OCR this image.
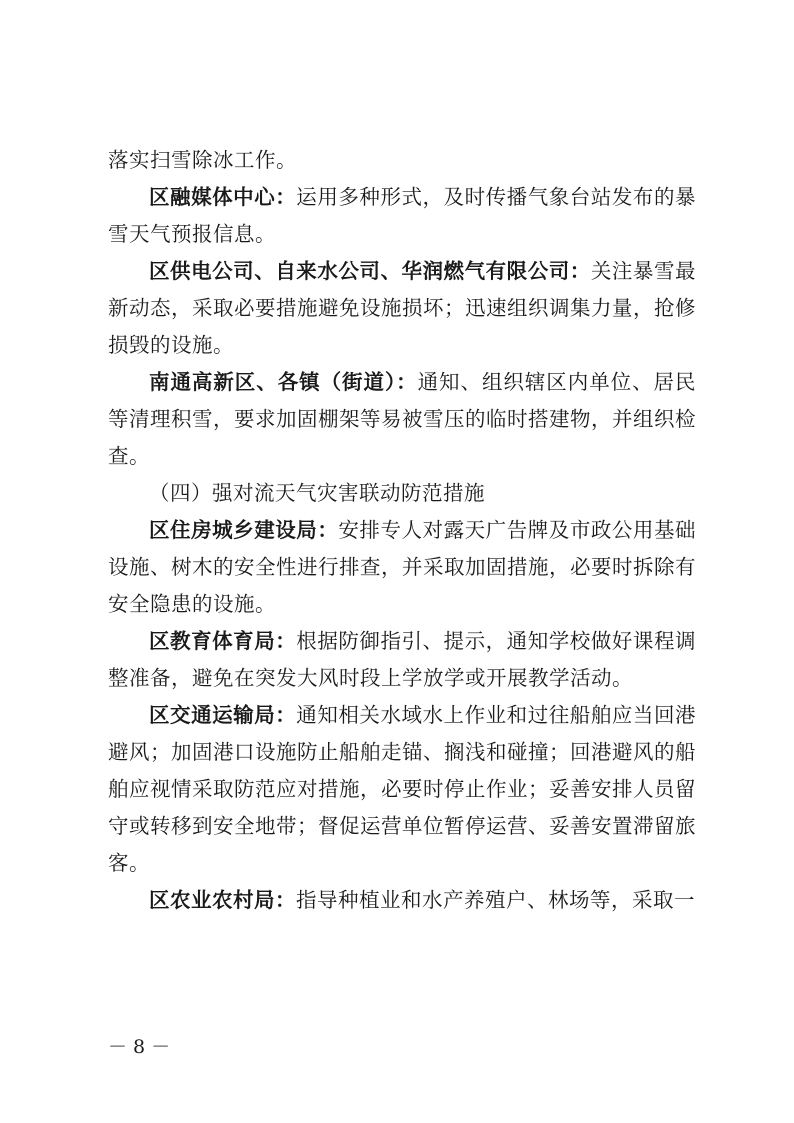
落实扫雪除冰工作。

区融媒体中心：运用多种形式，及时传播气象台站发布的暴雪天气预报信息。

区供电公司、自来水公司、华润燃气有限公司：关注暴雪最新动态，采取必要措施避免设施损坏；迅速组织调集力量，抢修损毁的设施。

南通高新区、各镇（街道）：通知、组织辖区内单位、居民等清理积雪，要求加固棚架等易被雪压的临时搭建物，并组织检查。

（四）强对流天气灾害联动防范措施

区住房城乡建设局：安排专人对露天广告牌及市政公用基础设施、树木的安全性进行排查，并采取加固措施，必要时拆除有安全隐患的设施。

区教育体育局：根据防御指引、提示，通知学校做好课程调整准备，避免在突发大风时段上学放学或开展教学活动。

区交通运输局：通知相关水域水上作业和过往船舶应当回港避风；加固港口设施防止船舶走锚、搁浅和碰撞；回港避风的船舶应视情采取防范应对措施，必要时停止作业；妥善安排人员留守或转移到安全地带；督促运营单位暂停运营、妥善安置滞留旅客。

区农业农村局：指导种植业和水产养殖户、林场等，采取一

－ 8 －
